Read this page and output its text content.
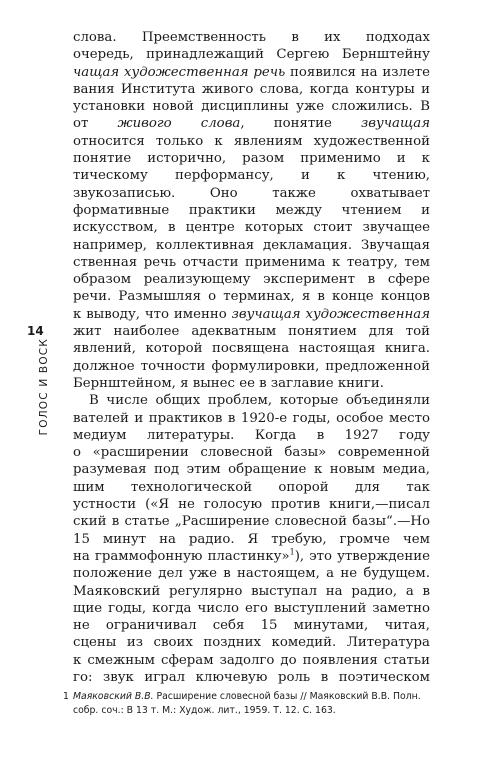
14
ГОЛОС И ВОСК
слова. Преемственность в их подходах
очередь, принадлежащий Сергею Бернштейну
чащая художественная речь появился на излете
вания Института живого слова, когда контуры и
установки новой дисциплины уже сложились. В
от живого слова, понятие звучащая
относится только к явлениям художественной
понятие исторично, разом применимо и к
тическому перформансу, и к чтению,
звукозаписью. Оно также охватывает
формативные практики между чтением и
искусством, в центре которых стоит звучащее
например, коллективная декламация. Звучащая
ственная речь отчасти применима к театру, тем
образом реализующему эксперимент в сфере
речи. Размышляя о терминах, я в конце концов
к выводу, что именно звучащая художественная
жит наиболее адекватным понятием для той
явлений, которой посвящена настоящая книга.
должное точности формулировки, предложенной
Бернштейном, я вынес ее в заглавие книги.
В числе общих проблем, которые объединяли
вателей и практиков в 1920-е годы, особое место
медиум литературы. Когда в 1927 году
о «расширении словесной базы» современной
разумевая под этим обращение к новым медиа,
шим технологической опорой для так
устности («Я не голосую против книги,—писал
ский в статье „Расширение словесной базы“.—Но
15 минут на радио. Я требую, громче чем
на граммофонную пластинку»$^1$), это утверждение
положение дел уже в настоящем, а не будущем.
Маяковский регулярно выступал на радио, а в
щие годы, когда число его выступлений заметно
не ограничивал себя 15 минутами, читая,
сцены из своих поздних комедий. Литература
к смежным сферам задолго до появления статьи
го: звук играл ключевую роль в поэтическом
1 Маяковский В.В. Расширение словесной базы // Маяковский В.В. Полн. собр. соч.: В 13 т. М.: Худож. лит., 1959. Т. 12. С. 163.
